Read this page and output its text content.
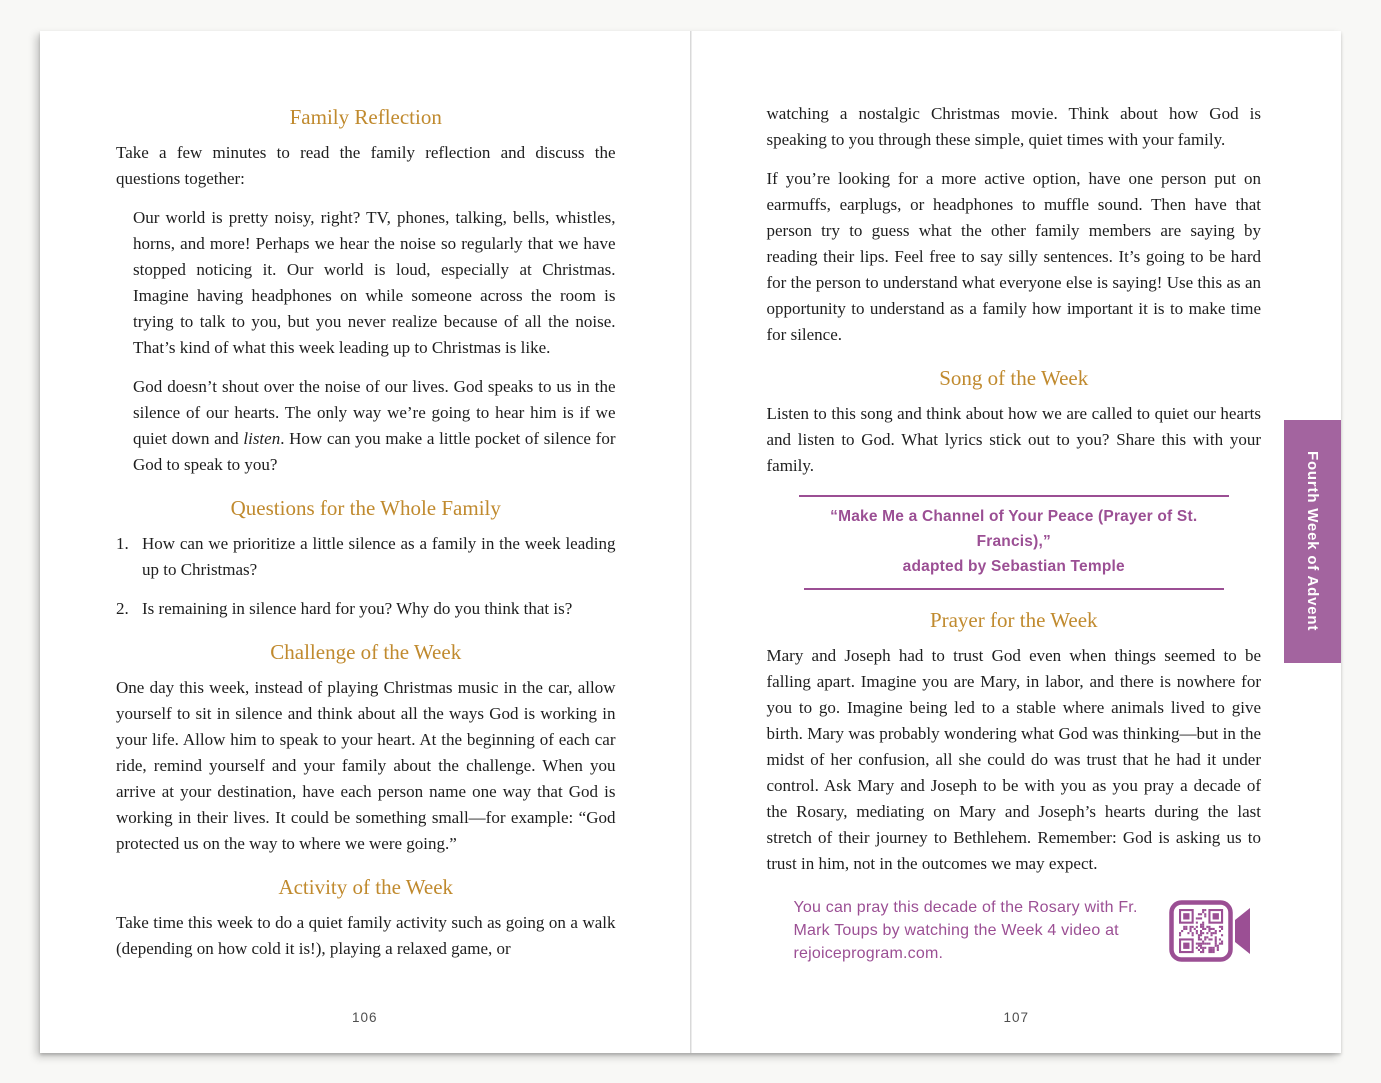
Family Reflection

Take a few minutes to read the family reflection and discuss the questions together:

Our world is pretty noisy, right? TV, phones, talking, bells, whistles, horns, and more! Perhaps we hear the noise so regularly that we have stopped noticing it. Our world is loud, especially at Christmas. Imagine having headphones on while someone across the room is trying to talk to you, but you never realize because of all the noise. That’s kind of what this week leading up to Christmas is like.

God doesn’t shout over the noise of our lives. God speaks to us in the silence of our hearts. The only way we’re going to hear him is if we quiet down and listen. How can you make a little pocket of silence for God to speak to you?

Questions for the Whole Family
1. How can we prioritize a little silence as a family in the week leading up to Christmas?
2. Is remaining in silence hard for you? Why do you think that is?
Challenge of the Week

One day this week, instead of playing Christmas music in the car, allow yourself to sit in silence and think about all the ways God is working in your life. Allow him to speak to your heart. At the beginning of each car ride, remind yourself and your family about the challenge. When you arrive at your destination, have each person name one way that God is working in their lives. It could be something small—for example: “God protected us on the way to where we were going.”

Activity of the Week

Take time this week to do a quiet family activity such as going on a walk (depending on how cold it is!), playing a relaxed game, or

106

watching a nostalgic Christmas movie. Think about how God is speaking to you through these simple, quiet times with your family.

If you’re looking for a more active option, have one person put on earmuffs, earplugs, or headphones to muffle sound. Then have that person try to guess what the other family members are saying by reading their lips. Feel free to say silly sentences. It’s going to be hard for the person to understand what everyone else is saying! Use this as an opportunity to understand as a family how important it is to make time for silence.

Song of the Week

Listen to this song and think about how we are called to quiet our hearts and listen to God. What lyrics stick out to you? Share this with your family.

“Make Me a Channel of Your Peace (Prayer of St. Francis),”
adapted by Sebastian Temple
Prayer for the Week

Mary and Joseph had to trust God even when things seemed to be falling apart. Imagine you are Mary, in labor, and there is nowhere for you to go. Imagine being led to a stable where animals lived to give birth. Mary was probably wondering what God was thinking—but in the midst of her confusion, all she could do was trust that he had it under control. Ask Mary and Joseph to be with you as you pray a decade of the Rosary, mediating on Mary and Joseph’s hearts during the last stretch of their journey to Bethlehem. Remember: God is asking us to trust in him, not in the outcomes we may expect.

You can pray this decade of the Rosary with Fr. Mark Toups by watching the Week 4 video at rejoiceprogram.com.
Fourth Week of Advent
107
